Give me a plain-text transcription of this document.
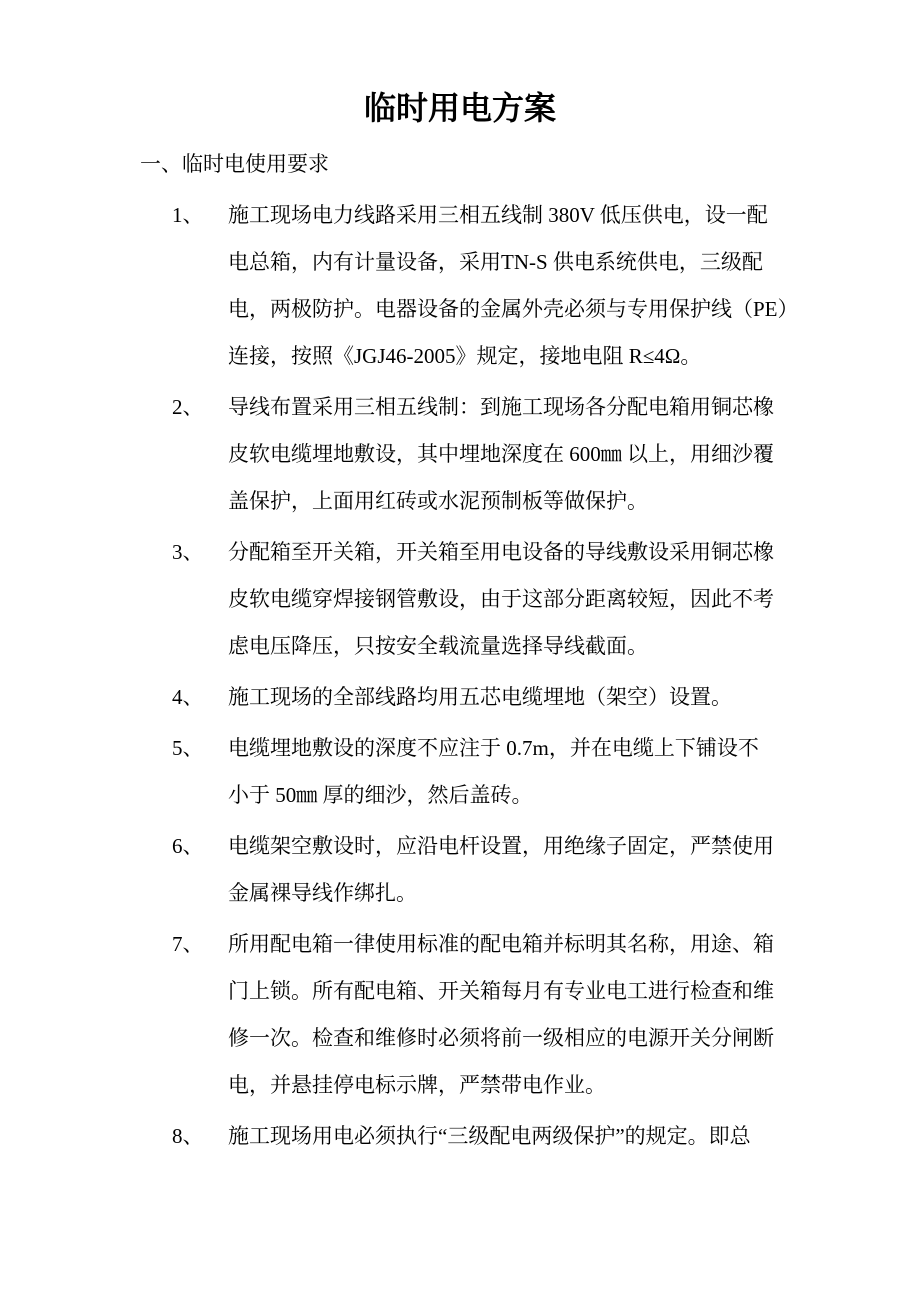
临时用电方案
一、临时电使用要求
1、 施工现场电力线路采用三相五线制 380V 低压供电，设一配
电总箱，内有计量设备，采用TN-S 供电系统供电，三级配
电，两极防护。电器设备的金属外壳必须与专用保护线（PE）
连接，按照《JGJ46-2005》规定，接地电阻 R≤4Ω。
2、 导线布置采用三相五线制：到施工现场各分配电箱用铜芯橡
皮软电缆埋地敷设，其中埋地深度在 600㎜ 以上，用细沙覆
盖保护，上面用红砖或水泥预制板等做保护。
3、 分配箱至开关箱，开关箱至用电设备的导线敷设采用铜芯橡
皮软电缆穿焊接钢管敷设，由于这部分距离较短，因此不考
虑电压降压，只按安全载流量选择导线截面。
4、 施工现场的全部线路均用五芯电缆埋地（架空）设置。
5、 电缆埋地敷设的深度不应注于 0.7m，并在电缆上下铺设不
小于 50㎜ 厚的细沙，然后盖砖。
6、 电缆架空敷设时，应沿电杆设置，用绝缘子固定，严禁使用
金属裸导线作绑扎。
7、 所用配电箱一律使用标准的配电箱并标明其名称，用途、箱
门上锁。所有配电箱、开关箱每月有专业电工进行检查和维
修一次。检查和维修时必须将前一级相应的电源开关分闸断
电，并悬挂停电标示牌，严禁带电作业。
8、 施工现场用电必须执行“三级配电两级保护”的规定。即总
